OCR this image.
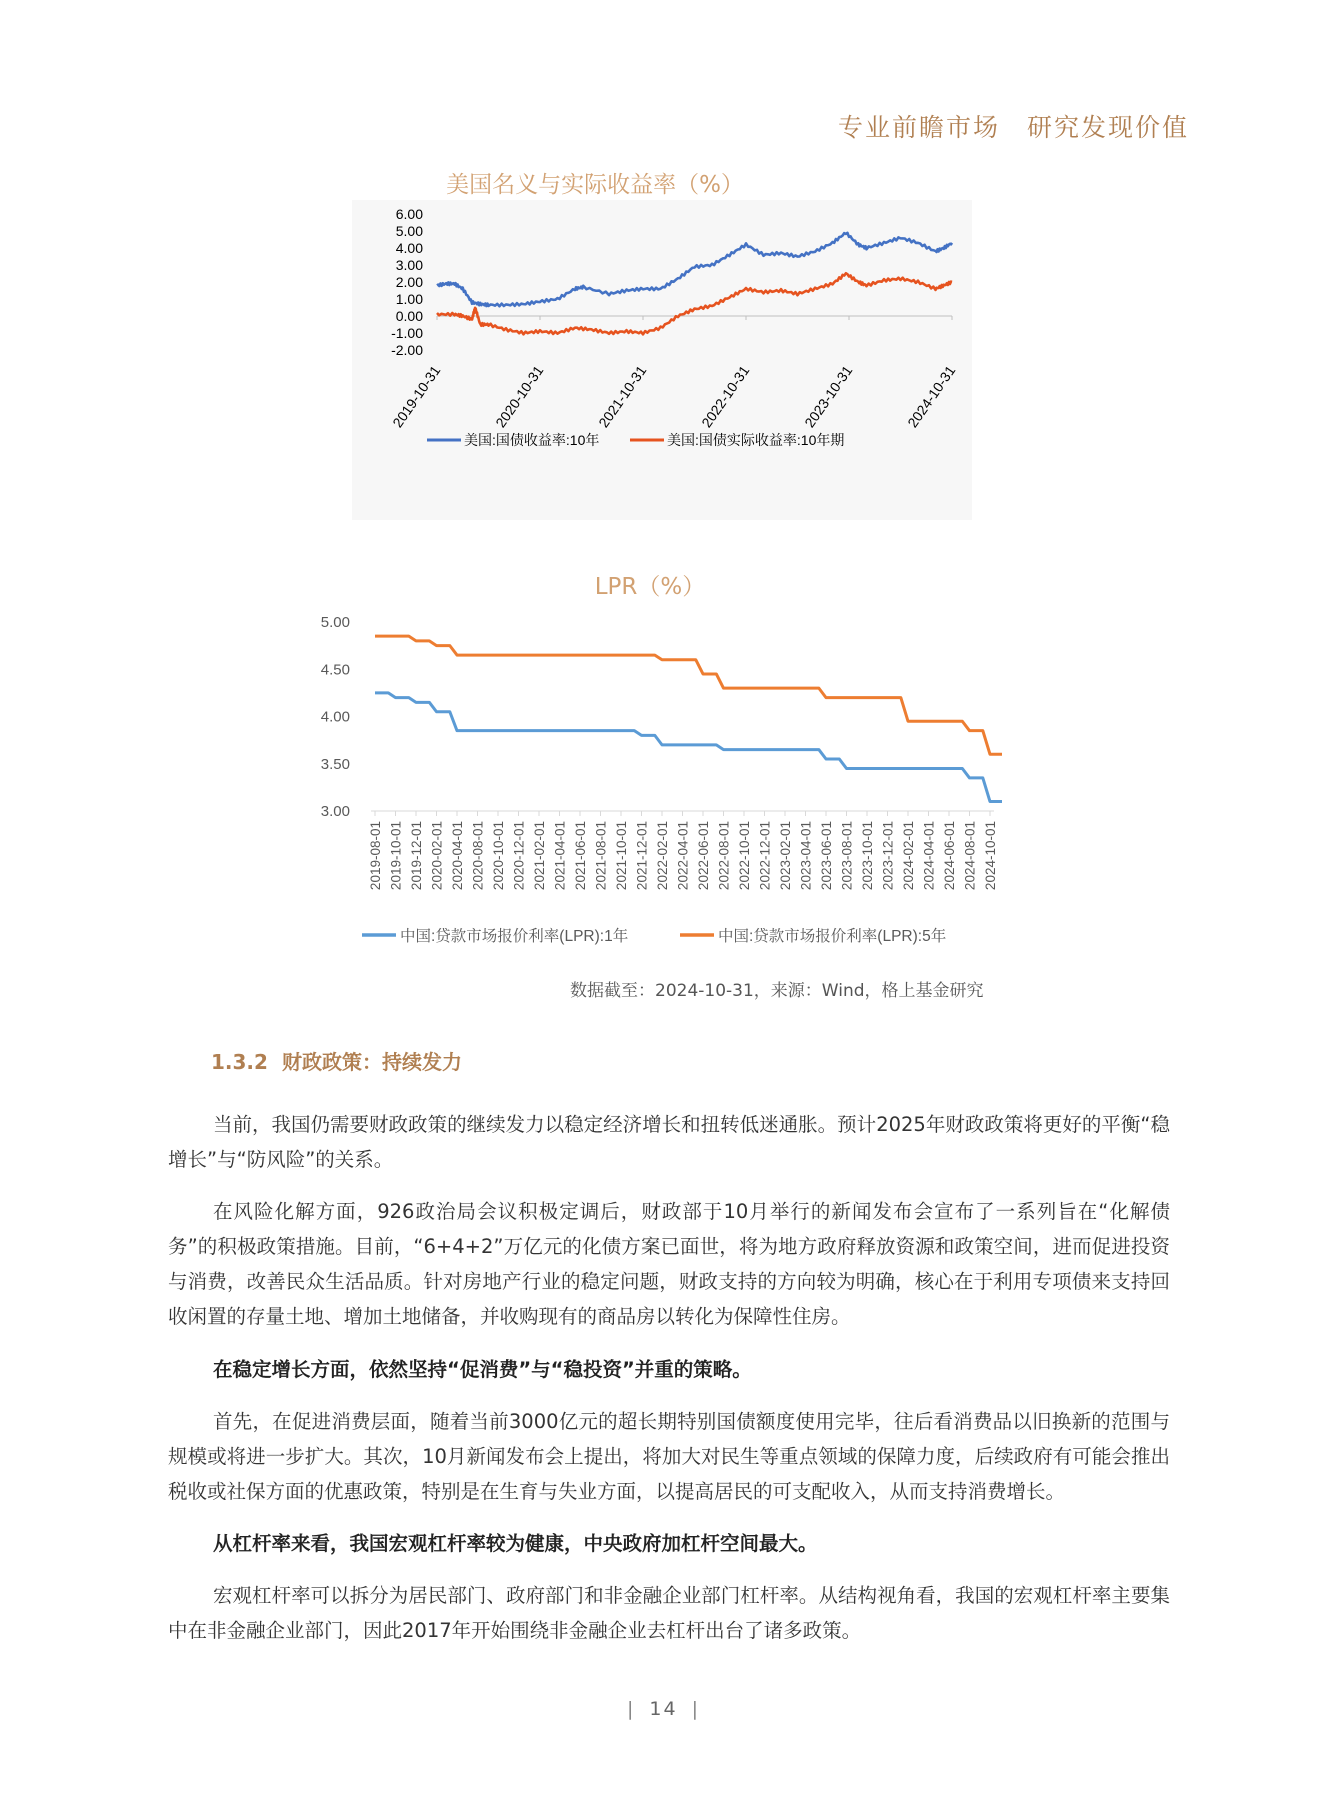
专业前瞻市场　研究发现价值
美国名义与实际收益率（%）
6.00
5.00
4.00
3.00
2.00
1.00
0.00
-1.00
-2.00
2019-10-31	2020-10-31	2021-10-31	2022-10-31	2023-10-31	2024-10-31
美国:国债收益率:10年	美国:国债实际收益率:10年期
LPR（%）
5.00
4.50
4.00
3.50
3.00
2019-08-01 2019-10-01 2019-12-01 2020-02-01 2020-04-01 2020-08-01 2020-10-01 2020-12-01 2021-02-01 2021-04-01 2021-06-01 2021-08-01 2021-10-01 2021-12-01 2022-02-01 2022-04-01 2022-06-01 2022-08-01 2022-10-01 2022-12-01 2023-02-01 2023-04-01 2023-06-01 2023-08-01 2023-10-01 2023-12-01 2024-02-01 2024-04-01 2024-06-01 2024-08-01 2024-10-01
中国:贷款市场报价利率(LPR):1年	中国:贷款市场报价利率(LPR):5年
数据截至：2024-10-31，来源：Wind，格上基金研究
1.3.2 财政政策：持续发力

当前，我国仍需要财政政策的继续发力以稳定经济增长和扭转低迷通胀。预计2025年财政政策将更好的平衡“稳增长”与“防风险”的关系。

在风险化解方面，926政治局会议积极定调后，财政部于10月举行的新闻发布会宣布了一系列旨在“化解债务”的积极政策措施。目前，“6+4+2”万亿元的化债方案已面世，将为地方政府释放资源和政策空间，进而促进投资与消费，改善民众生活品质。针对房地产行业的稳定问题，财政支持的方向较为明确，核心在于利用专项债来支持回收闲置的存量土地、增加土地储备，并收购现有的商品房以转化为保障性住房。

在稳定增长方面，依然坚持“促消费”与“稳投资”并重的策略。

首先，在促进消费层面，随着当前3000亿元的超长期特别国债额度使用完毕，往后看消费品以旧换新的范围与规模或将进一步扩大。其次，10月新闻发布会上提出，将加大对民生等重点领域的保障力度，后续政府有可能会推出税收或社保方面的优惠政策，特别是在生育与失业方面，以提高居民的可支配收入，从而支持消费增长。

从杠杆率来看，我国宏观杠杆率较为健康，中央政府加杠杆空间最大。

宏观杠杆率可以拆分为居民部门、政府部门和非金融企业部门杠杆率。从结构视角看，我国的宏观杠杆率主要集中在非金融企业部门，因此2017年开始围绕非金融企业去杠杆出台了诸多政策。

| 14 |
